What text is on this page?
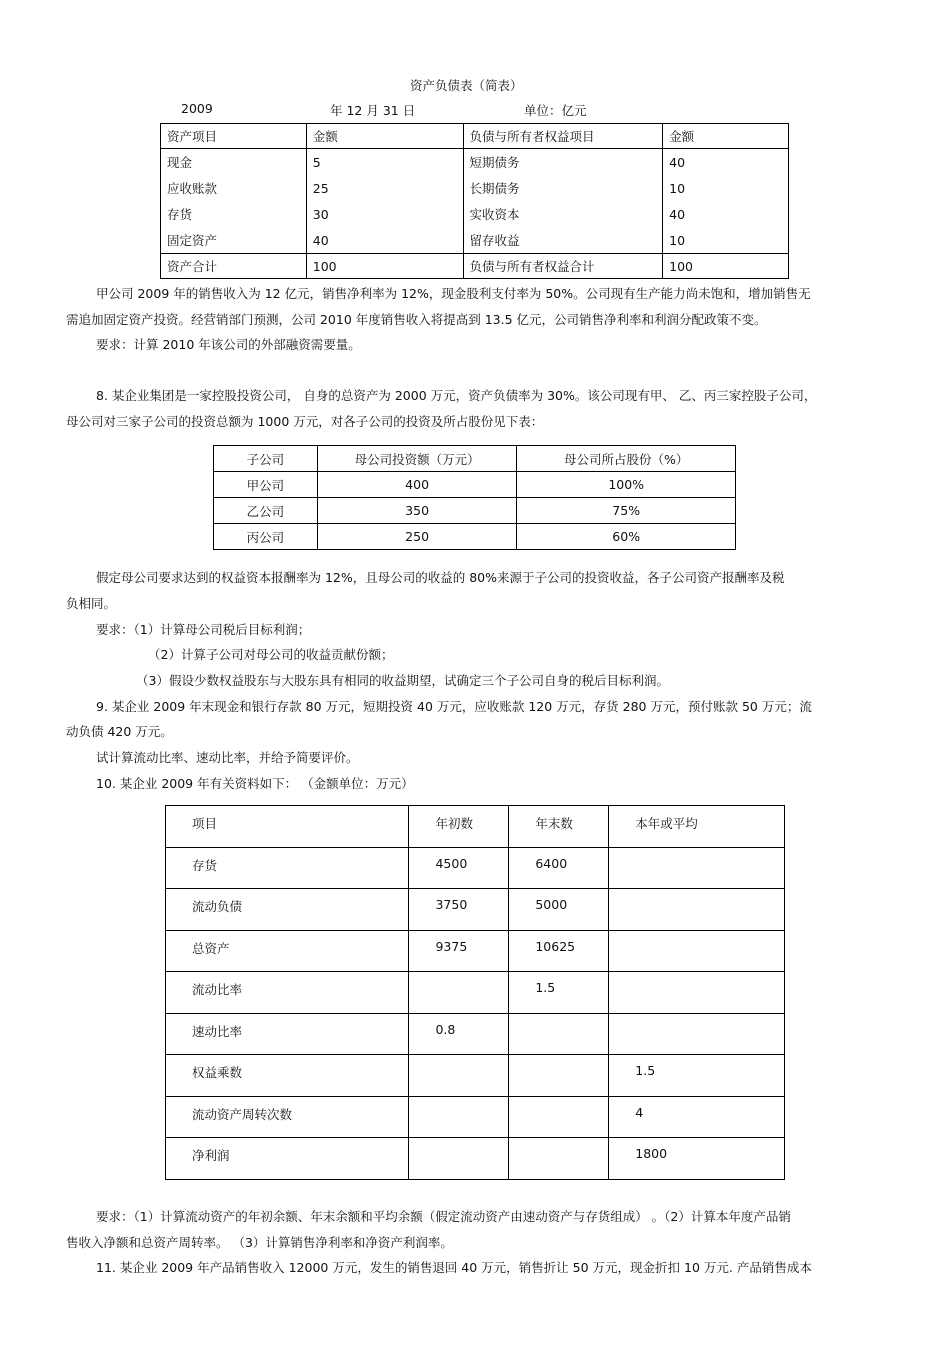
资产负债表（简表）
2009	年 12 月 31 日	单位：亿元
资产项目	金额	负债与所有者权益项目	金额
现金	5	短期债务	40
应收账款	25	长期债务	10
存货	30	实收资本	40
固定资产	40	留存收益	10
资产合计	100	负债与所有者权益合计	100
甲公司 2009 年的销售收入为 12 亿元，销售净利率为 12%，现金股利支付率为 50%。公司现有生产能力尚未饱和，增加销售无
需追加固定资产投资。经营销部门预测，公司 2010 年度销售收入将提高到 13.5 亿元，公司销售净利率和利润分配政策不变。
要求：计算 2010 年该公司的外部融资需要量。
8. 某企业集团是一家控股投资公司， 自身的总资产为 2000 万元，资产负债率为 30%。该公司现有甲、 乙、丙三家控股子公司，
母公司对三家子公司的投资总额为 1000 万元，对各子公司的投资及所占股份见下表：
子公司	母公司投资额（万元）	母公司所占股份（%）
甲公司	400	100%
乙公司	350	75%
丙公司	250	60%
假定母公司要求达到的权益资本报酬率为 12%，且母公司的收益的 80%来源于子公司的投资收益，各子公司资产报酬率及税
负相同。
要求：（1）计算母公司税后目标利润；
（2）计算子公司对母公司的收益贡献份额；
（3）假设少数权益股东与大股东具有相同的收益期望，试确定三个子公司自身的税后目标利润。
9. 某企业 2009 年末现金和银行存款 80 万元，短期投资 40 万元，应收账款 120 万元，存货 280 万元，预付账款 50 万元；流
动负债 420 万元。
试计算流动比率、速动比率，并给予简要评价。
10. 某企业 2009 年有关资料如下： （金额单位：万元）
项目	年初数	年末数	本年或平均
存货	4500	6400	
流动负债	3750	5000	
总资产	9375	10625	
流动比率		1.5	
速动比率	0.8		
权益乘数			1.5
流动资产周转次数			4
净利润			1800
要求：（1）计算流动资产的年初余额、年末余额和平均余额（假定流动资产由速动资产与存货组成） 。（2）计算本年度产品销
售收入净额和总资产周转率。 （3）计算销售净利率和净资产利润率。
11. 某企业 2009 年产品销售收入 12000 万元，发生的销售退回 40 万元，销售折让 50 万元，现金折扣 10 万元. 产品销售成本
